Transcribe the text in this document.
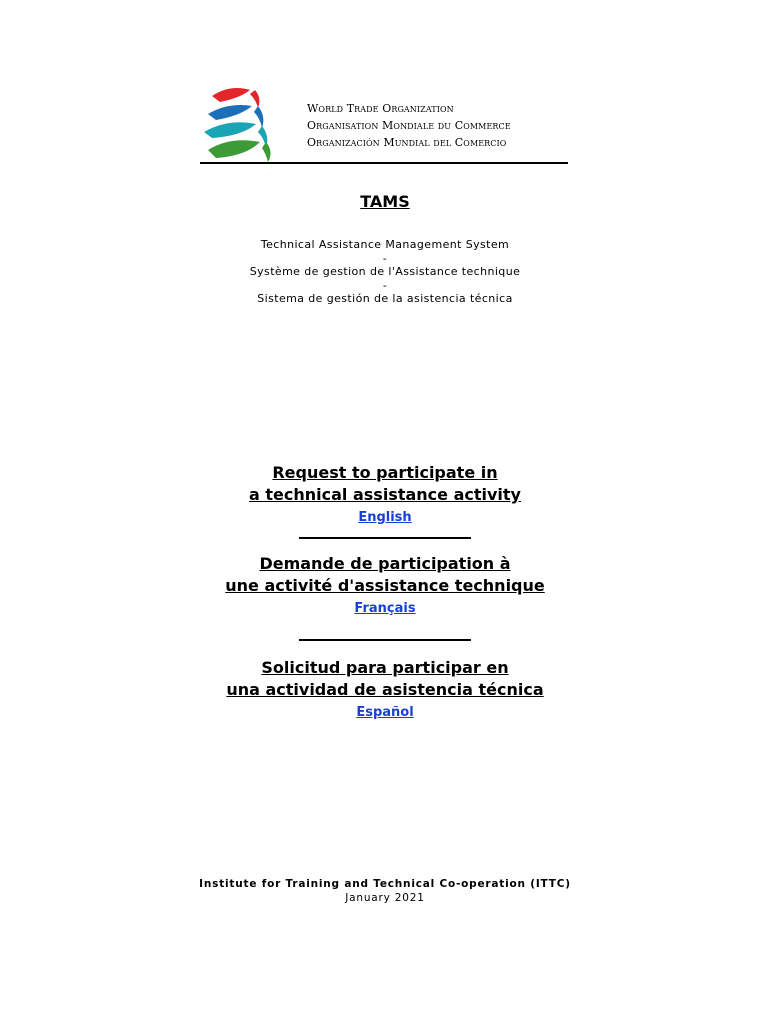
World Trade Organization
Organisation Mondiale du Commerce
Organización Mundial del Comercio
TAMS
Technical Assistance Management System
-
Système de gestion de l'Assistance technique
-
Sistema de gestión de la asistencia técnica
Request to participate in
a technical assistance activity
English
Demande de participation à
une activité d'assistance technique
Français
Solicitud para participar en
una actividad de asistencia técnica
Español
Institute for Training and Technical Co-operation (ITTC)
January 2021
